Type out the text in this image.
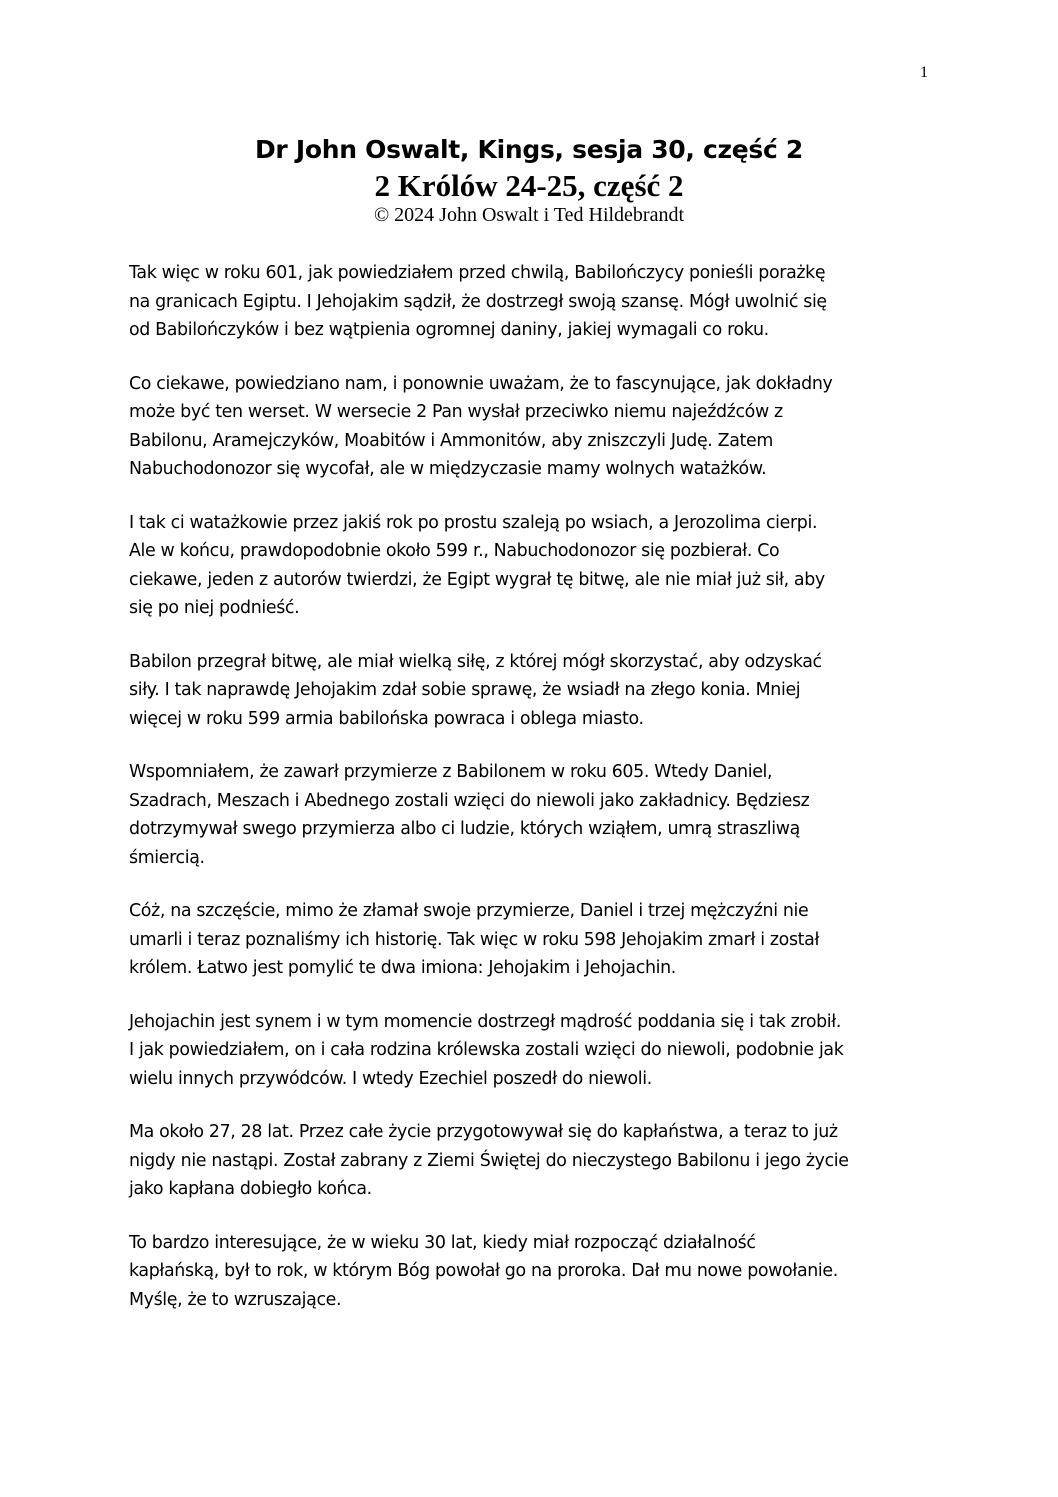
1

Dr John Oswalt, Kings, sesja 30, część 2

2 Królów 24-25, część 2

© 2024 John Oswalt i Ted Hildebrandt

Tak więc w roku 601, jak powiedziałem przed chwilą, Babilończycy ponieśli porażkę
na granicach Egiptu. I Jehojakim sądził, że dostrzegł swoją szansę. Mógł uwolnić się
od Babilończyków i bez wątpienia ogromnej daniny, jakiej wymagali co roku.

Co ciekawe, powiedziano nam, i ponownie uważam, że to fascynujące, jak dokładny
może być ten werset. W wersecie 2 Pan wysłał przeciwko niemu najeźdźców z
Babilonu, Aramejczyków, Moabitów i Ammonitów, aby zniszczyli Judę. Zatem
Nabuchodonozor się wycofał, ale w międzyczasie mamy wolnych watażków.

I tak ci watażkowie przez jakiś rok po prostu szaleją po wsiach, a Jerozolima cierpi.
Ale w końcu, prawdopodobnie około 599 r., Nabuchodonozor się pozbierał. Co
ciekawe, jeden z autorów twierdzi, że Egipt wygrał tę bitwę, ale nie miał już sił, aby
się po niej podnieść.

Babilon przegrał bitwę, ale miał wielką siłę, z której mógł skorzystać, aby odzyskać
siły. I tak naprawdę Jehojakim zdał sobie sprawę, że wsiadł na złego konia. Mniej
więcej w roku 599 armia babilońska powraca i oblega miasto.

Wspomniałem, że zawarł przymierze z Babilonem w roku 605. Wtedy Daniel,
Szadrach, Meszach i Abednego zostali wzięci do niewoli jako zakładnicy. Będziesz
dotrzymywał swego przymierza albo ci ludzie, których wziąłem, umrą straszliwą
śmiercią.

Cóż, na szczęście, mimo że złamał swoje przymierze, Daniel i trzej mężczyźni nie
umarli i teraz poznaliśmy ich historię. Tak więc w roku 598 Jehojakim zmarł i został
królem. Łatwo jest pomylić te dwa imiona: Jehojakim i Jehojachin.

Jehojachin jest synem i w tym momencie dostrzegł mądrość poddania się i tak zrobił.
I jak powiedziałem, on i cała rodzina królewska zostali wzięci do niewoli, podobnie jak
wielu innych przywódców. I wtedy Ezechiel poszedł do niewoli.

Ma około 27, 28 lat. Przez całe życie przygotowywał się do kapłaństwa, a teraz to już
nigdy nie nastąpi. Został zabrany z Ziemi Świętej do nieczystego Babilonu i jego życie
jako kapłana dobiegło końca.

To bardzo interesujące, że w wieku 30 lat, kiedy miał rozpocząć działalność
kapłańską, był to rok, w którym Bóg powołał go na proroka. Dał mu nowe powołanie.
Myślę, że to wzruszające.
